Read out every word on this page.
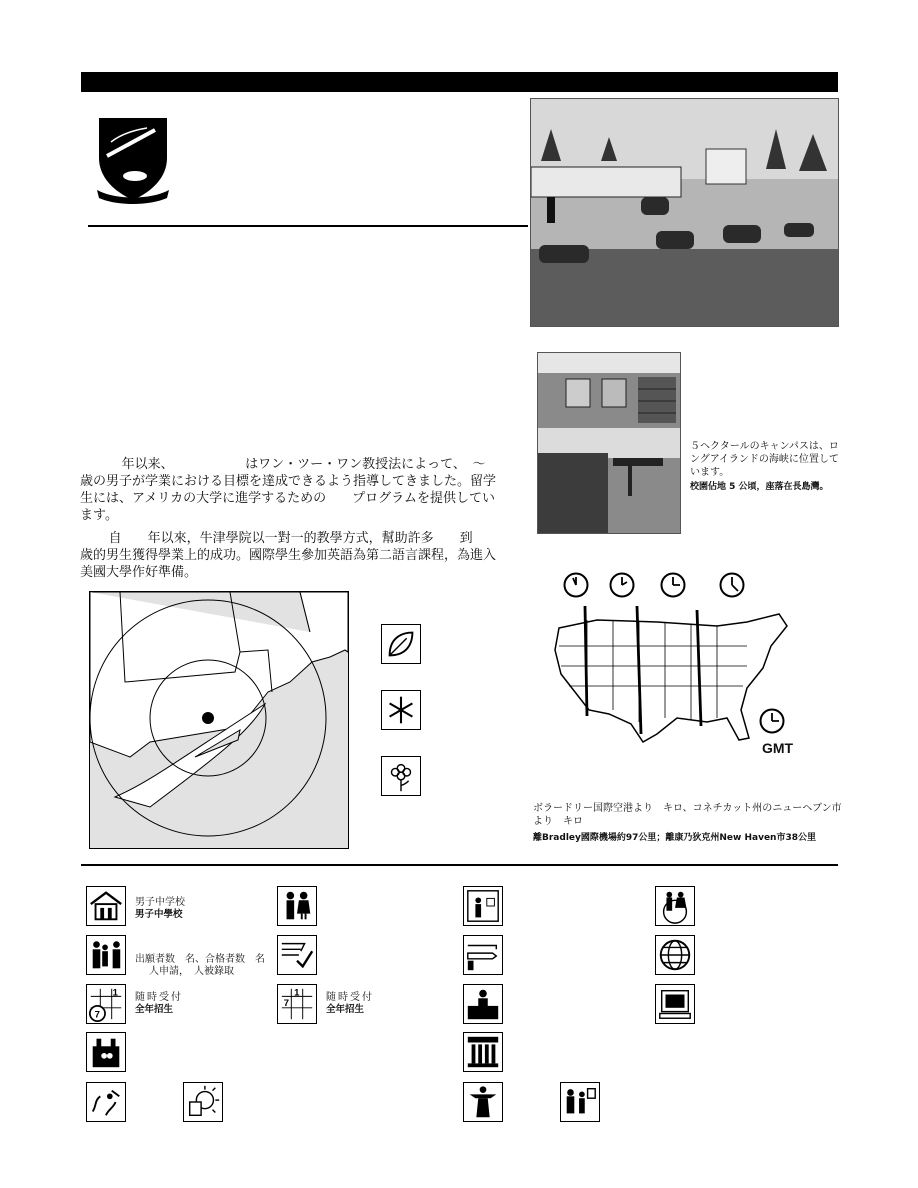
５ヘクタールのキャンパスは、ロングアイランドの海峡に位置しています。
校園佔地 5 公頃，座落在長島灣。
　年以来、　　　　　　はワン・ツー・ワン教授法によって、　～　歳の男子が学業における目標を達成できるよう指導してきました。留学生には、アメリカの大学に進学するための　　プログラムを提供しています。
自　　年以來，牛津學院以一對一的教學方式，幫助許多　　到　　歲的男生獲得學業上的成功。國際學生參加英語為第二語言課程，為進入美國大學作好準備。
GMT
ボラードリー国際空港より　キロ、コネチカット州のニューヘブン市より　キロ
離Bradley國際機場約97公里；離康乃狄克州New Haven市38公里
男子中学校
男子中學校
出願者数　名、合格者数　名
人申請，　人被錄取
1
7
随時受付
全年招生
1
7
随時受付
全年招生
